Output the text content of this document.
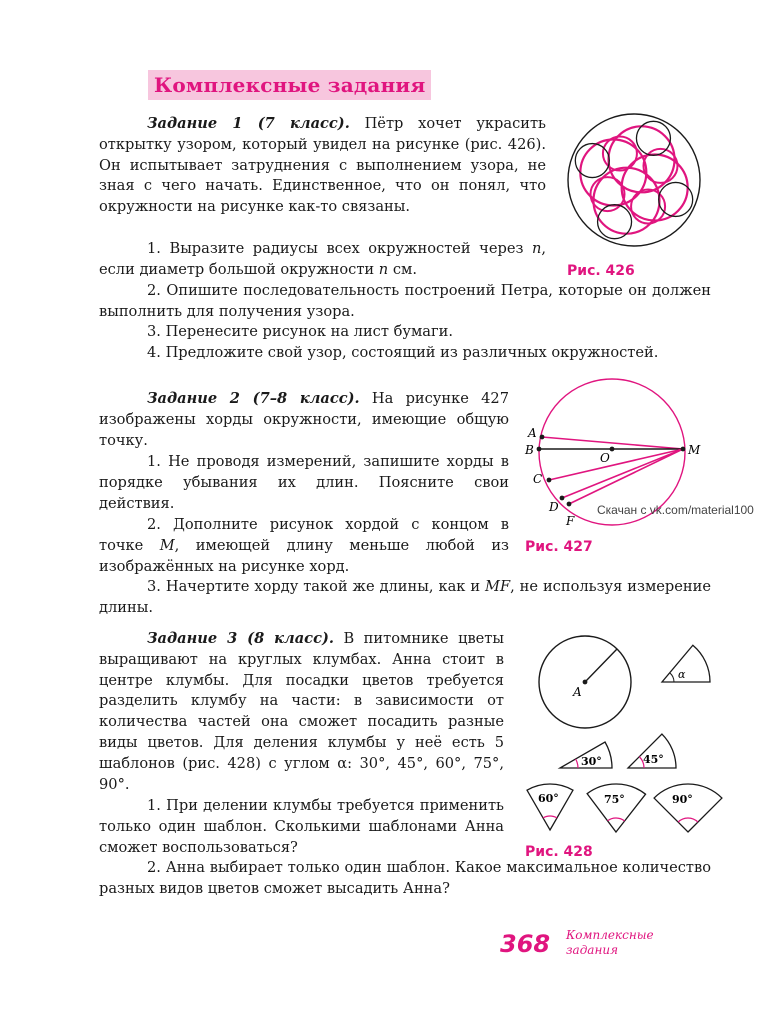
Комплексные задания

Задание 1 (7 класс). Пётр хочет украсить открытку узором, который увидел на рисунке (рис. 426). Он испытывает затруднения с выполнением узора, не зная с чего начать. Единственное, что он понял, что окружности на рисунке как-то связаны.

1. Выразите радиусы всех окружностей через n, если диаметр большой окружности n см.

2. Опишите последовательность построений Петра, которые он должен выполнить для получения узора.

3. Перенесите рисунок на лист бумаги.

4. Предложите свой узор, состоящий из различных окружностей.

Рис. 426

Задание 2 (7–8 класс). На рисунке 427 изображены хорды окружности, имеющие общую точку.

1. Не проводя измерений, запишите хорды в порядке убывания их длин. Поясните свои действия.

2. Дополните рисунок хордой с концом в точке M, имеющей длину меньше любой из изображённых на рисунке хорд.

3. Начертите хорду такой же длины, как и MF, не используя измерение длины.

A
B
C
D
F
M
O
Скачан с vk.com/material100
Рис. 427

Задание 3 (8 класс). В питомнике цветы выращивают на круглых клумбах. Анна стоит в центре клумбы. Для посадки цветов требуется разделить клумбу на части: в зависимости от количества частей она сможет посадить разные виды цветов. Для деления клумбы у неё есть 5 шаблонов (рис. 428) с углом α: 30°, 45°, 60°, 75°, 90°.

1. При делении клумбы требуется применить только один шаблон. Сколькими шаблонами Анна сможет воспользоваться?

2. Анна выбирает только один шаблон. Какое максимальное количество разных видов цветов сможет высадить Анна?

A
α
30°	45°
60°	75°	90°
Рис. 428
368 Комплексные задания
